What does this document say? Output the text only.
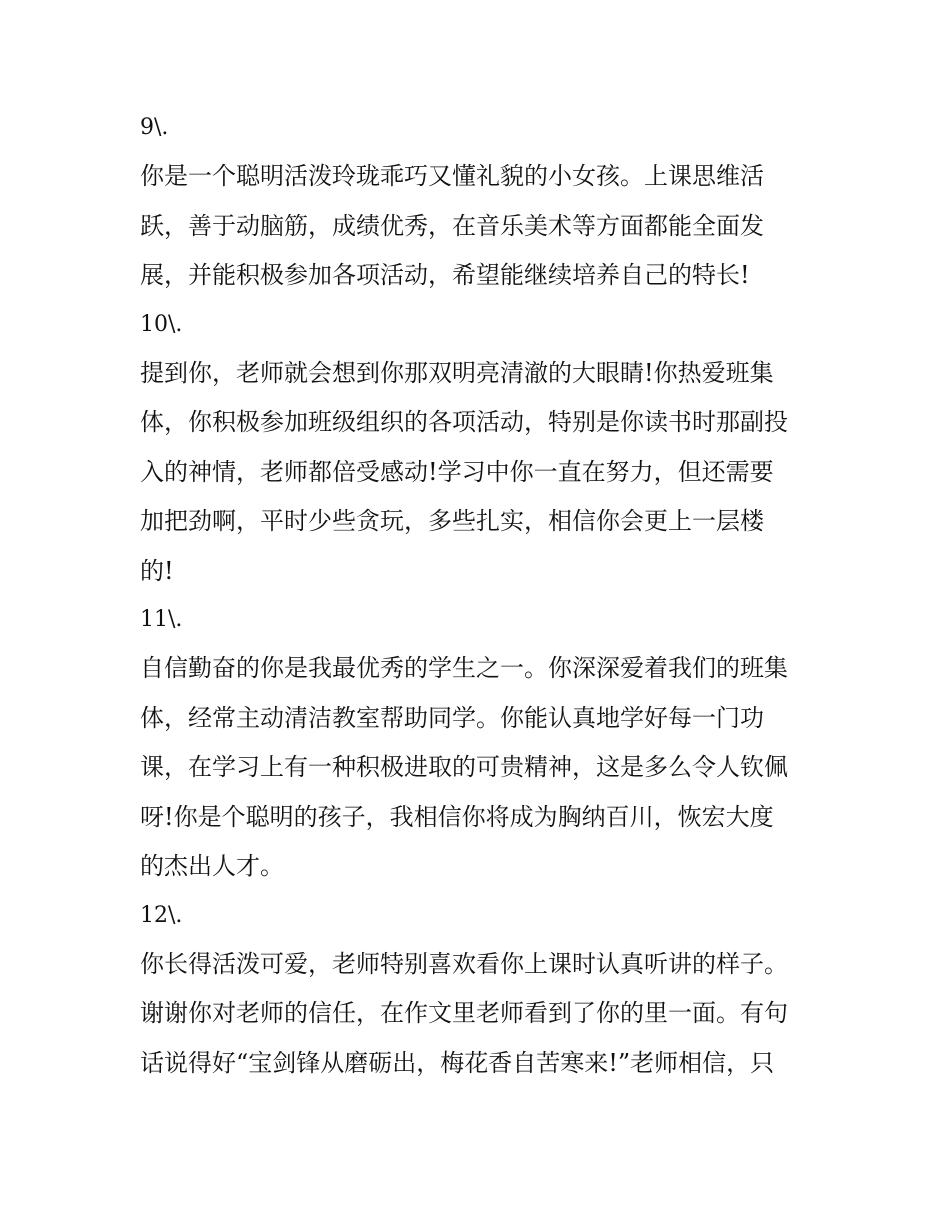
9\.
你是一个聪明活泼玲珑乖巧又懂礼貌的小女孩。上课思维活
跃，善于动脑筋，成绩优秀，在音乐美术等方面都能全面发
展，并能积极参加各项活动，希望能继续培养自己的特长!
10\.
提到你，老师就会想到你那双明亮清澈的大眼睛!你热爱班集
体，你积极参加班级组织的各项活动，特别是你读书时那副投
入的神情，老师都倍受感动!学习中你一直在努力，但还需要
加把劲啊，平时少些贪玩，多些扎实，相信你会更上一层楼
的!
11\.
自信勤奋的你是我最优秀的学生之一。你深深爱着我们的班集
体，经常主动清洁教室帮助同学。你能认真地学好每一门功
课，在学习上有一种积极进取的可贵精神，这是多么令人钦佩
呀!你是个聪明的孩子，我相信你将成为胸纳百川，恢宏大度
的杰出人才。
12\.
你长得活泼可爱，老师特别喜欢看你上课时认真听讲的样子。
谢谢你对老师的信任，在作文里老师看到了你的里一面。有句
话说得好“宝剑锋从磨砺出，梅花香自苦寒来!”老师相信，只
